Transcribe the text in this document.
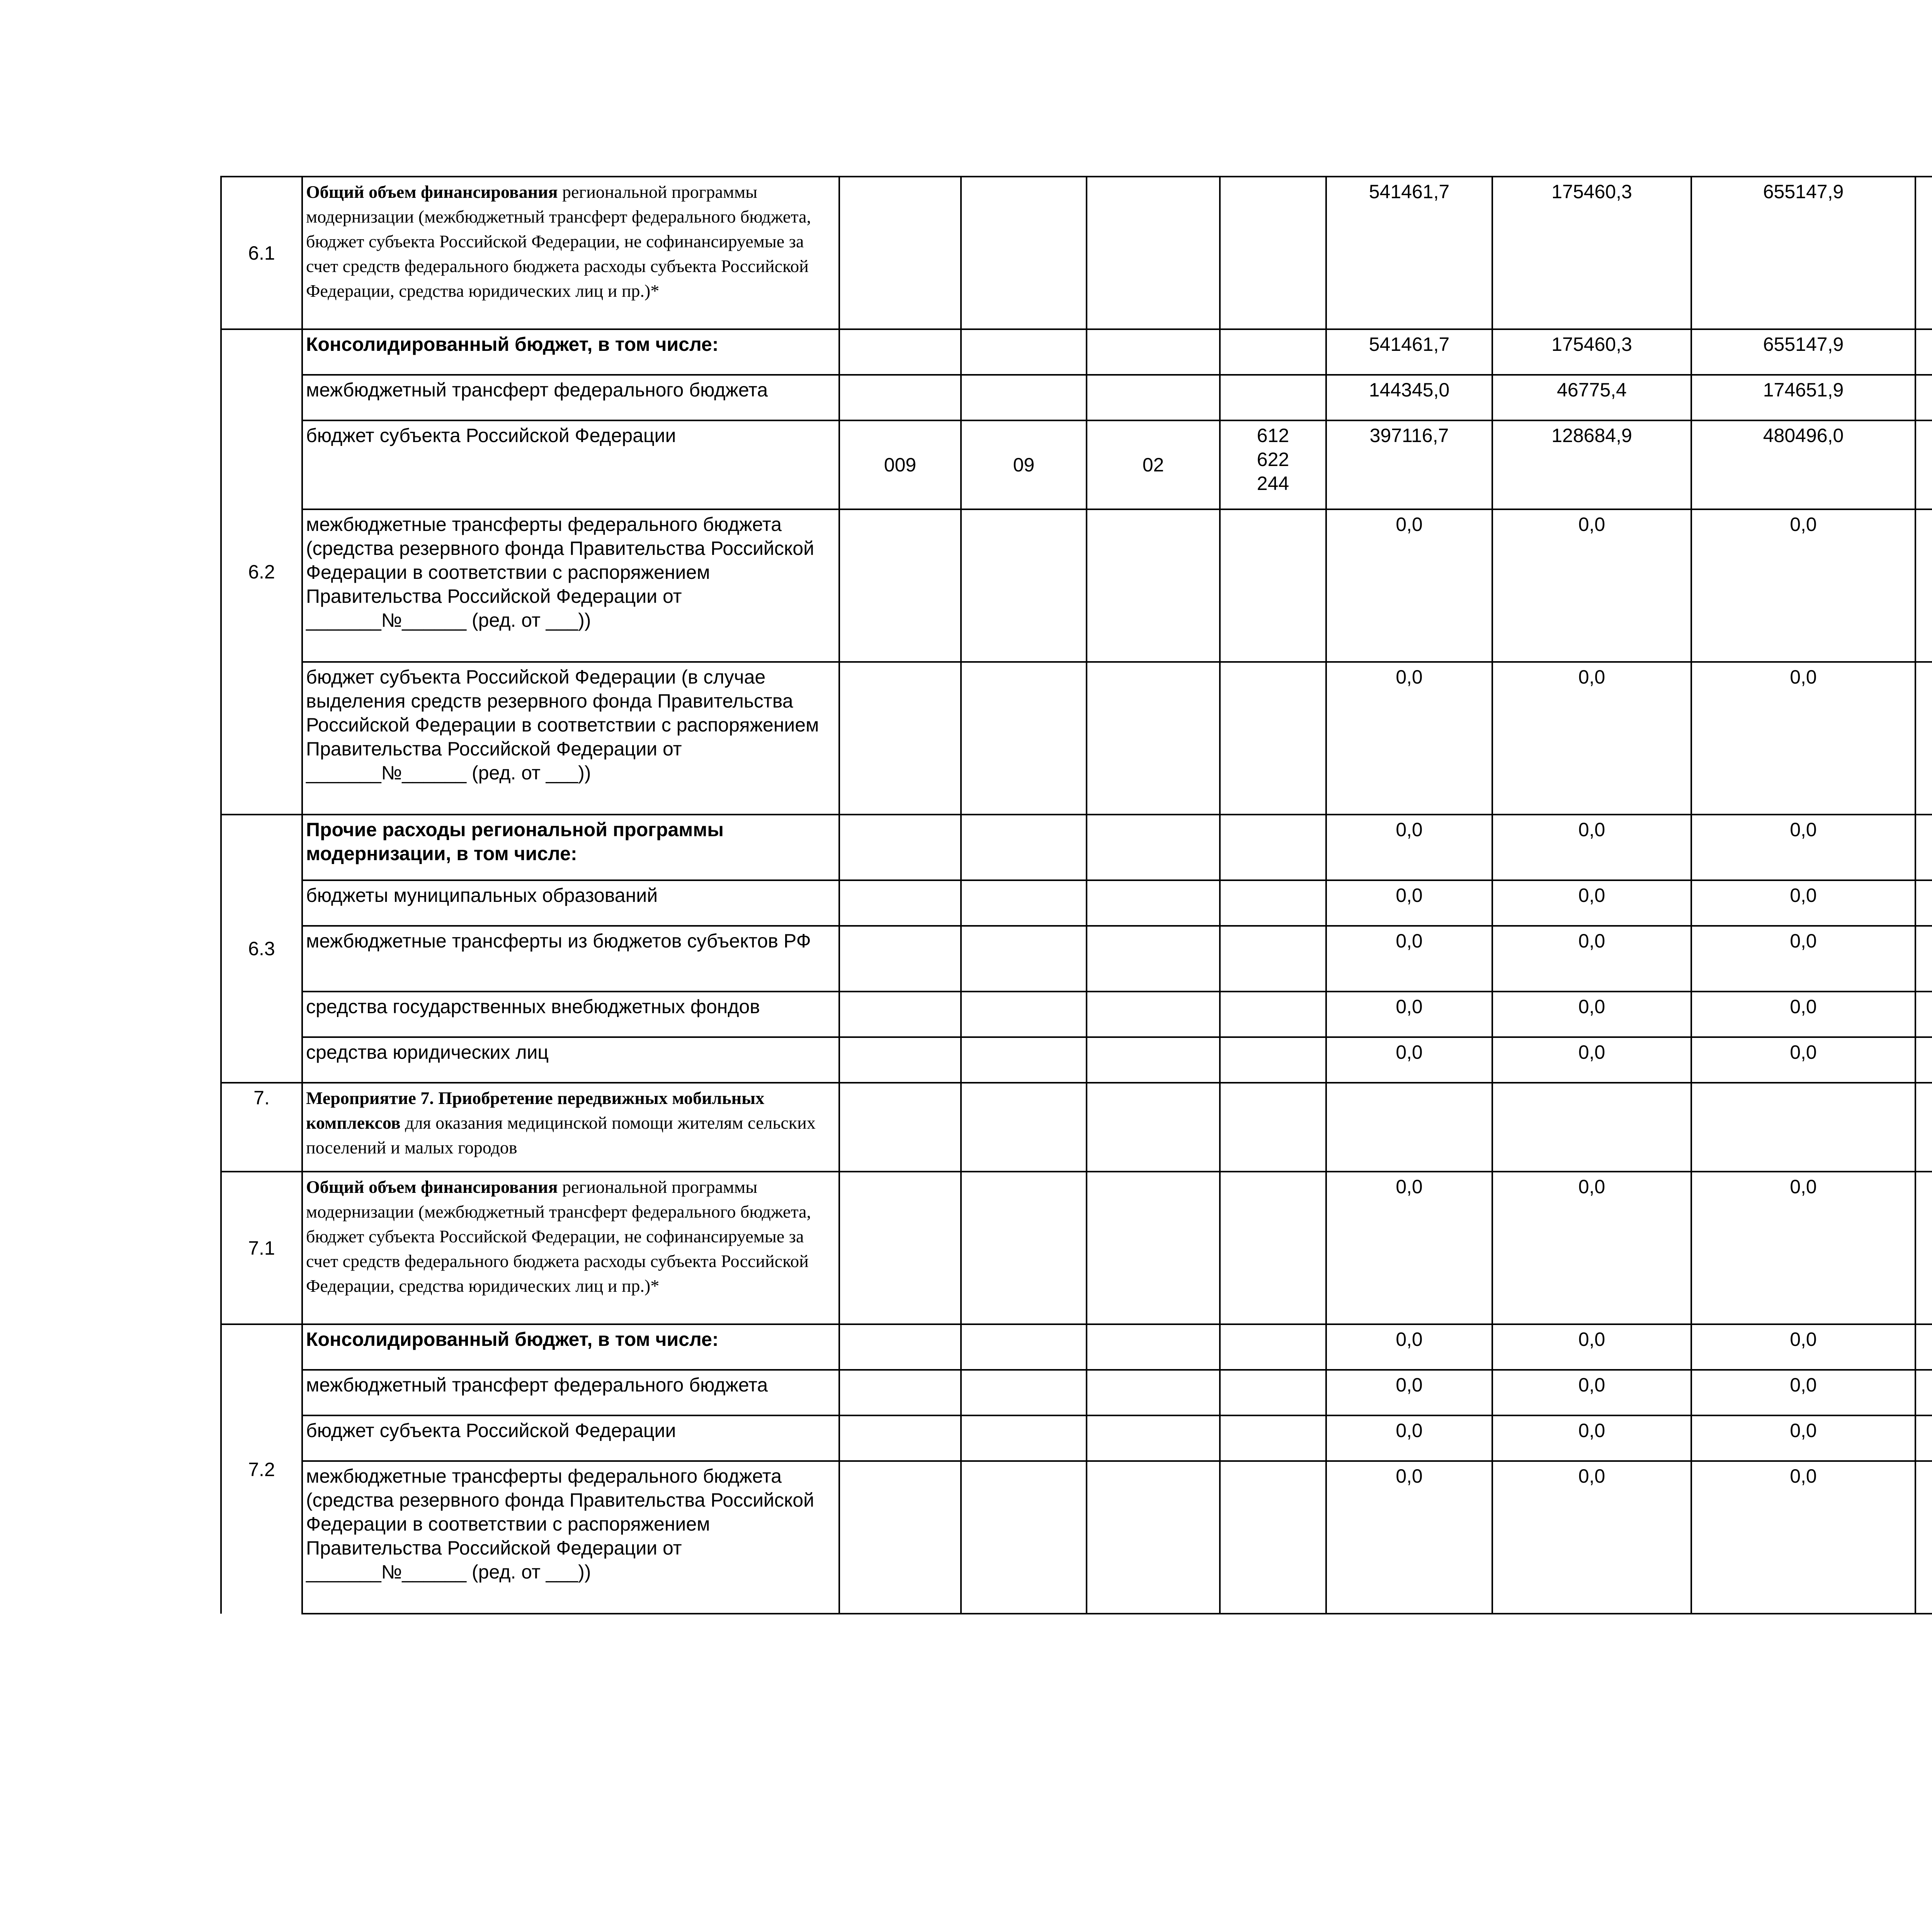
6.1	Общий объем финансирования региональной программы модернизации (межбюджетный трансферт федерального бюджета, бюджет субъекта Российской Федерации, не софинансируемые за счет средств федерального бюджета расходы субъекта Российской Федерации, средства юридических лиц и пр.)*					541461,7	175460,3	655147,9			
6.2	Консолидированный бюджет, в том числе:					541461,7	175460,3	655147,9			
	межбюджетный трансферт федерального бюджета					144345,0	46775,4	174651,9			
	бюджет субъекта Российской Федерации	009	09	02	612
622
244	397116,7	128684,9	480496,0			
	межбюджетные трансферты федерального бюджета (средства резервного фонда Правительства Российской Федерации в соответствии с распоряжением Правительства Российской Федерации от _______№______ (ред. от ___))					0,0	0,0	0,0			
	бюджет субъекта Российской Федерации (в случае выделения средств резервного фонда Правительства Российской Федерации в соответствии с распоряжением Правительства Российской Федерации от _______№______ (ред. от ___))					0,0	0,0	0,0			
6.3	Прочие расходы региональной программы модернизации, в том числе:					0,0	0,0	0,0			
	бюджеты муниципальных образований					0,0	0,0	0,0			
	межбюджетные трансферты из бюджетов субъектов РФ					0,0	0,0	0,0			
	средства государственных внебюджетных фондов					0,0	0,0	0,0			
	средства юридических лиц					0,0	0,0	0,0			
7.	Мероприятие 7. Приобретение передвижных мобильных комплексов для оказания медицинской помощи жителям сельских поселений и малых городов										
7.1	Общий объем финансирования региональной программы модернизации (межбюджетный трансферт федерального бюджета, бюджет субъекта Российской Федерации, не софинансируемые за счет средств федерального бюджета расходы субъекта Российской Федерации, средства юридических лиц и пр.)*					0,0	0,0	0,0			
7.2	Консолидированный бюджет, в том числе:					0,0	0,0	0,0			
	межбюджетный трансферт федерального бюджета					0,0	0,0	0,0			
	бюджет субъекта Российской Федерации					0,0	0,0	0,0			
	межбюджетные трансферты федерального бюджета (средства резервного фонда Правительства Российской Федерации в соответствии с распоряжением Правительства Российской Федерации от _______№______ (ред. от ___))					0,0	0,0	0,0			
